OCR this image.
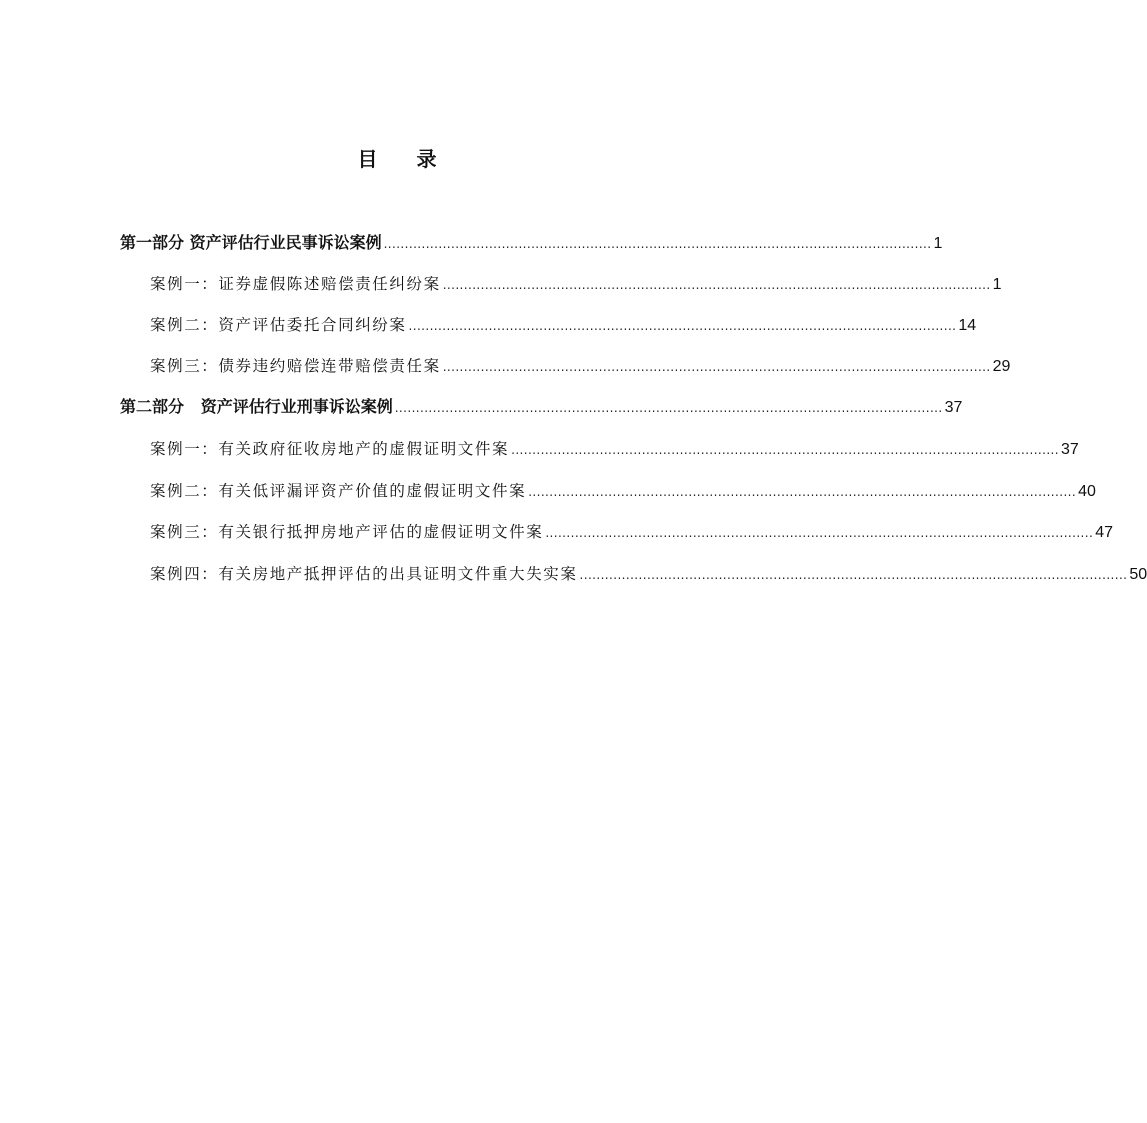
目 录
第一部分 资产评估行业民事诉讼案例 .................................................................................................................................. 1
案例一：证券虚假陈述赔偿责任纠纷案 .................................................................................................................................. 1
案例二：资产评估委托合同纠纷案 .................................................................................................................................. 14
案例三：债券违约赔偿连带赔偿责任案 .................................................................................................................................. 29
第二部分   资产评估行业刑事诉讼案例 .................................................................................................................................. 37
案例一：有关政府征收房地产的虚假证明文件案 .................................................................................................................................. 37
案例二：有关低评漏评资产价值的虚假证明文件案 .................................................................................................................................. 40
案例三：有关银行抵押房地产评估的虚假证明文件案 .................................................................................................................................. 47
案例四：有关房地产抵押评估的出具证明文件重大失实案 .................................................................................................................................. 50
